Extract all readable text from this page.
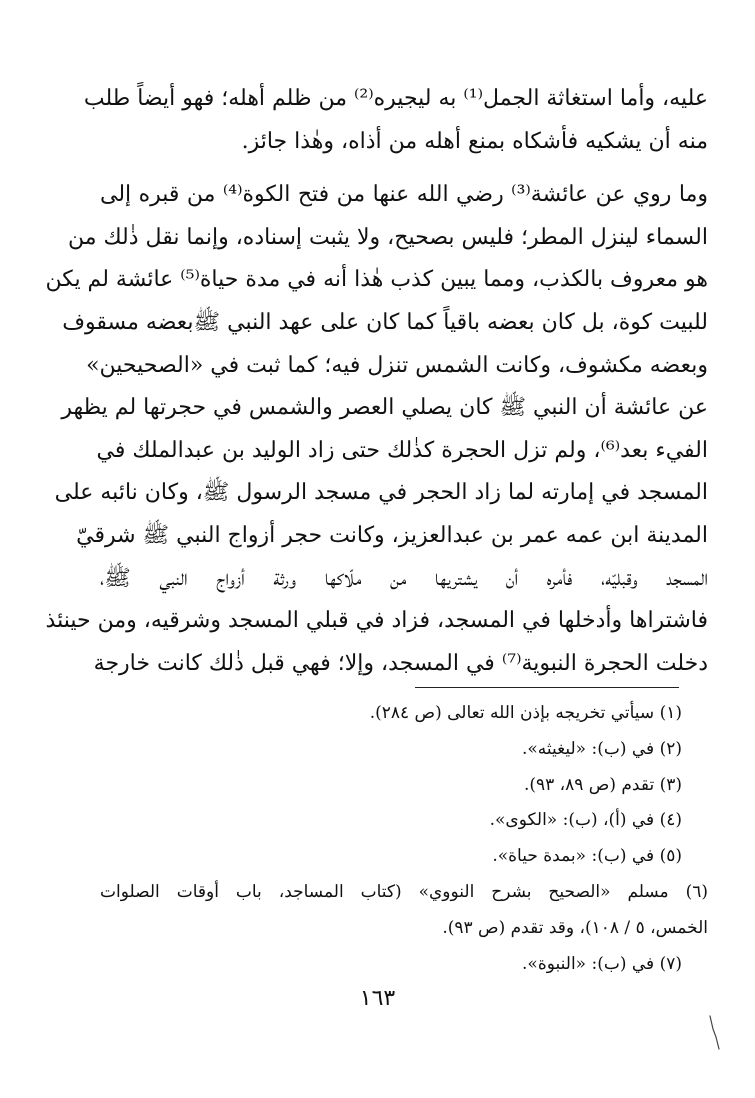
عليه، وأما استغاثة الجمل⁽¹⁾ به ليجيره⁽²⁾ من ظلم أهله؛ فهو أيضاً طلب
منه أن يشكيه فأشكاه بمنع أهله من أذاه، وهٰذا جائز.
وما روي عن عائشة⁽³⁾ رضي الله عنها من فتح الكوة⁽⁴⁾ من قبره إلى
السماء لينزل المطر؛ فليس بصحيح، ولا يثبت إسناده، وإنما نقل ذٰلك من
هو معروف بالكذب، ومما يبين كذب هٰذا أنه في مدة حياة⁽⁵⁾ عائشة لم يكن
للبيت كوة، بل كان بعضه باقياً كما كان على عهد النبي ﷺبعضه مسقوف
وبعضه مكشوف، وكانت الشمس تنزل فيه؛ كما ثبت في «الصحيحين»
عن عائشة أن النبي ﷺ كان يصلي العصر والشمس في حجرتها لم يظهر
الفيء بعد⁽⁶⁾، ولم تزل الحجرة كذٰلك حتى زاد الوليد بن عبدالملك في
المسجد في إمارته لما زاد الحجر في مسجد الرسول ﷺ، وكان نائبه على
المدينة ابن عمه عمر بن عبدالعزيز، وكانت حجر أزواج النبي ﷺ شرقيّ
المسجد وقبليّه، فأمره أن يشتريها من ملّاكها ورثة أزواج النبي ﷺ،
فاشتراها وأدخلها في المسجد، فزاد في قبلي المسجد وشرقيه، ومن حينئذ
دخلت الحجرة النبوية⁽⁷⁾ في المسجد، وإلا؛ فهي قبل ذٰلك كانت خارجة
(١) سيأتي تخريجه بإذن الله تعالى (ص ٢٨٤).
(٢) في (ب): «ليغيثه».
(٣) تقدم (ص ٨٩، ٩٣).
(٤) في (أ)، (ب): «الكوى».
(٥) في (ب): «بمدة حياة».
(٦) مسلم «الصحيح بشرح النووي» (كتاب المساجد، باب أوقات الصلوات
الخمس، ٥ / ١٠٨)، وقد تقدم (ص ٩٣).
(٧) في (ب): «النبوة».
١٦٣
